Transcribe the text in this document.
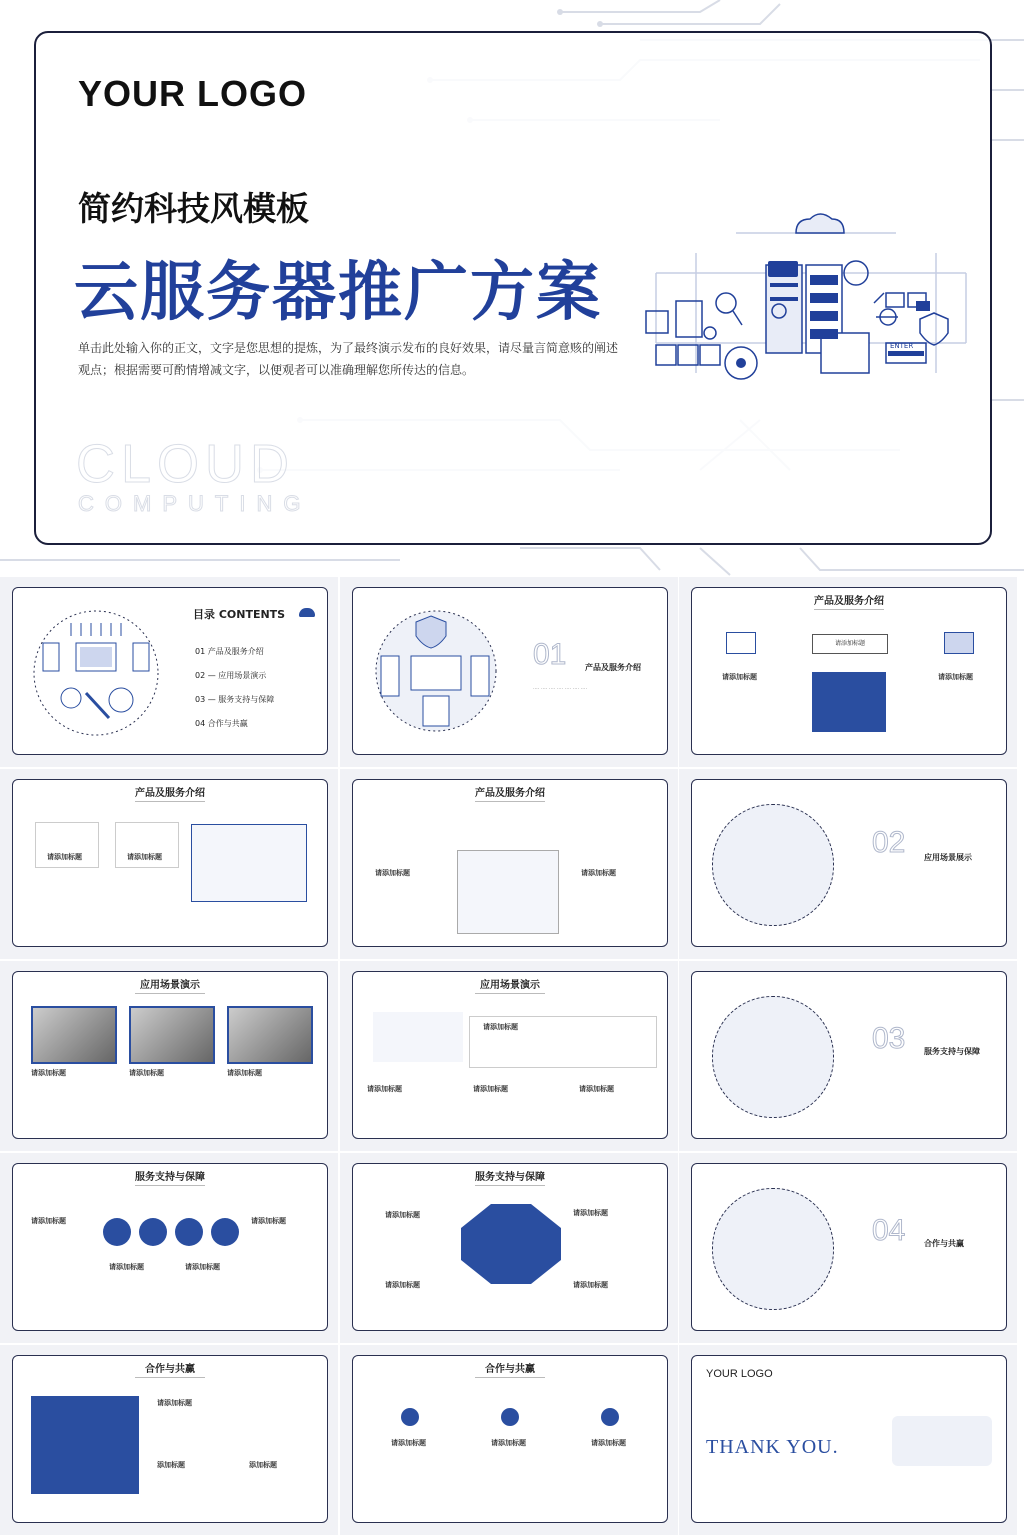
YOUR LOGO
简约科技风模板
云服务器推广方案
单击此处输入你的正文，文字是您思想的提炼，为了最终演示发布的良好效果，请尽量言简意赅的阐述观点；根据需要可酌情增减文字，以便观者可以准确理解您所传达的信息。
CLOUD
COMPUTING
ENTER
目录 CONTENTS
01 产品及服务介绍
02 — 应用场景演示
03 — 服务支持与保障
04 合作与共赢
01 产品及服务介绍
···· ···· ···· ···· ···· ···· ····
产品及服务介绍
请添加标题
请添加标题	请添加标题
产品及服务介绍
请添加标题	请添加标题
产品及服务介绍
请添加标题	请添加标题
02 应用场景展示
应用场景演示
请添加标题	请添加标题	请添加标题
应用场景演示
请添加标题
请添加标题	请添加标题	请添加标题
03 服务支持与保障
服务支持与保障
请添加标题	请添加标题
请添加标题	请添加标题
服务支持与保障
请添加标题	请添加标题
请添加标题	请添加标题
04 合作与共赢
合作与共赢
请添加标题
添加标题	添加标题
合作与共赢
请添加标题	请添加标题	请添加标题
YOUR LOGO
THANK YOU.
